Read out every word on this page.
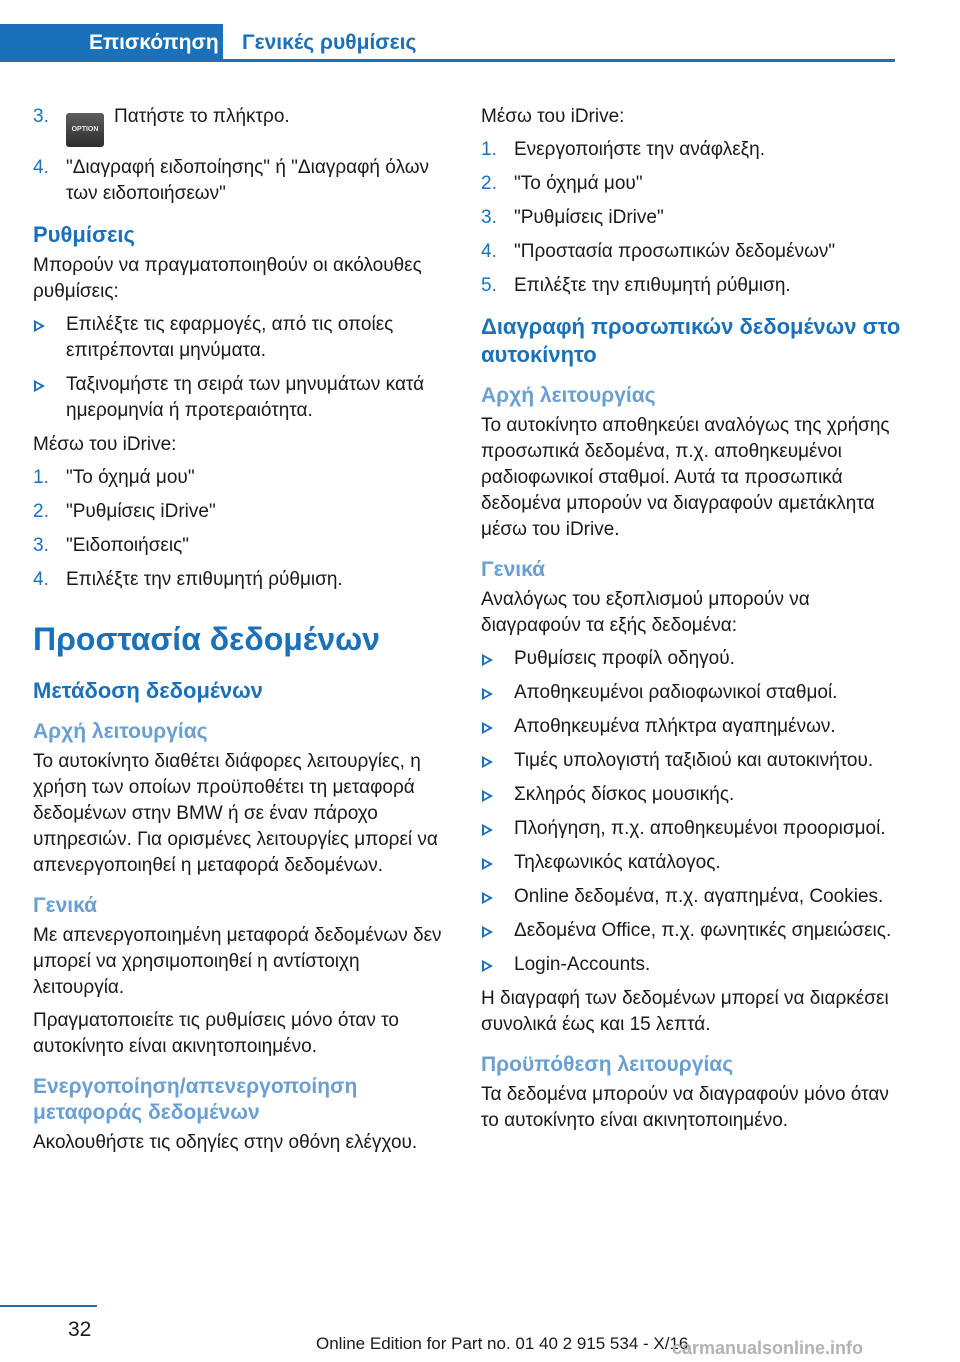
Επισκόπηση Γενικές ρυθμίσεις
3.
OPTIONΠατήστε το πλήκτρο.
4. "Διαγραφή ειδοποίησης" ή "Διαγραφή όλων των ειδοποιήσεων"
Ρυθμίσεις

Μπορούν να πραγματοποιηθούν οι ακόλουθες ρυθμίσεις:

Επιλέξτε τις εφαρμογές, από τις οποίες επιτρέπονται μηνύματα.
Ταξινομήστε τη σειρά των μηνυμάτων κατά ημερομηνία ή προτεραιότητα.

Μέσω του iDrive:

1. "Το όχημά μου"
2. "Ρυθμίσεις iDrive"
3. "Ειδοποιήσεις"
4. Επιλέξτε την επιθυμητή ρύθμιση.
Προστασία δεδομένων
Μετάδοση δεδομένων
Αρχή λειτουργίας

Το αυτοκίνητο διαθέτει διάφορες λειτουργίες, η χρήση των οποίων προϋποθέτει τη μεταφορά δεδομένων στην BMW ή σε έναν πάροχο υπηρεσιών. Για ορισμένες λειτουργίες μπορεί να απενεργοποιηθεί η μεταφορά δεδομένων.

Γενικά

Με απενεργοποιημένη μεταφορά δεδομένων δεν μπορεί να χρησιμοποιηθεί η αντίστοιχη λειτουργία.

Πραγματοποιείτε τις ρυθμίσεις μόνο όταν το αυτοκίνητο είναι ακινητοποιημένο.

Ενεργοποίηση/απενεργοποίηση μεταφοράς δεδομένων

Ακολουθήστε τις οδηγίες στην οθόνη ελέγχου.

Μέσω του iDrive:

1. Ενεργοποιήστε την ανάφλεξη.
2. "Το όχημά μου"
3. "Ρυθμίσεις iDrive"
4. "Προστασία προσωπικών δεδομένων"
5. Επιλέξτε την επιθυμητή ρύθμιση.
Διαγραφή προσωπικών δεδομένων στο αυτοκίνητο
Αρχή λειτουργίας

Το αυτοκίνητο αποθηκεύει αναλόγως της χρήσης προσωπικά δεδομένα, π.χ. αποθηκευμένοι ραδιοφωνικοί σταθμοί. Αυτά τα προσωπικά δεδομένα μπορούν να διαγραφούν αμετάκλητα μέσω του iDrive.

Γενικά

Αναλόγως του εξοπλισμού μπορούν να διαγραφούν τα εξής δεδομένα:

Ρυθμίσεις προφίλ οδηγού.
Αποθηκευμένοι ραδιοφωνικοί σταθμοί.
Αποθηκευμένα πλήκτρα αγαπημένων.
Τιμές υπολογιστή ταξιδιού και αυτοκινήτου.
Σκληρός δίσκος μουσικής.
Πλοήγηση, π.χ. αποθηκευμένοι προορισμοί.
Τηλεφωνικός κατάλογος.
Online δεδομένα, π.χ. αγαπημένα, Cookies.
Δεδομένα Office, π.χ. φωνητικές σημειώσεις.
Login-Accounts.

Η διαγραφή των δεδομένων μπορεί να διαρκέσει συνολικά έως και 15 λεπτά.

Προϋπόθεση λειτουργίας

Τα δεδομένα μπορούν να διαγραφούν μόνο όταν το αυτοκίνητο είναι ακινητοποιημένο.

32
Online Edition for Part no. 01 40 2 915 534 - X/16
carmanualsonline.info
